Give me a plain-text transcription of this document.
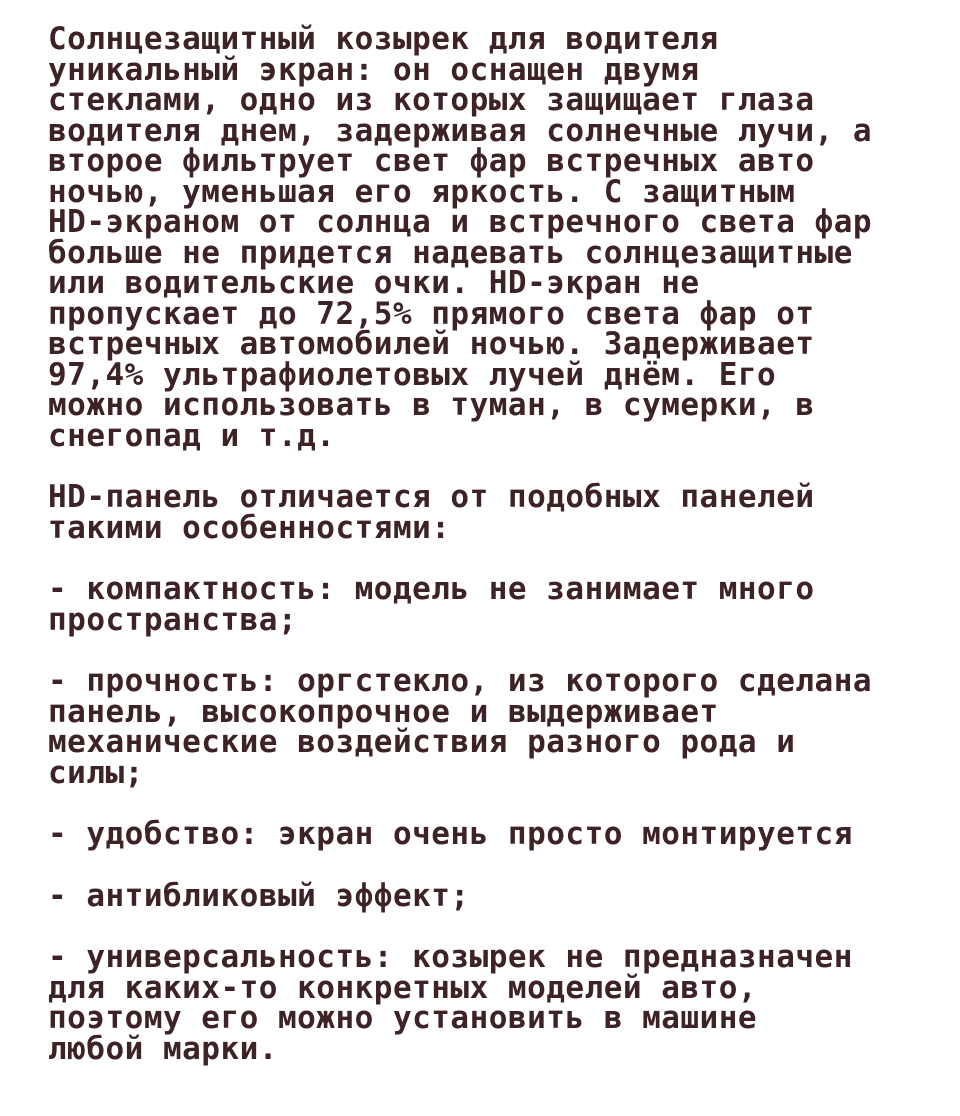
Солнцезащитный козырек для водителя
уникальный экран: он оснащен двумя
стеклами, одно из которых защищает глаза
водителя днем, задерживая солнечные лучи, а
второе фильтрует свет фар встречных авто
ночью, уменьшая его яркость. С защитным
HD-экраном от солнца и встречного света фар
больше не придется надевать солнцезащитные
или водительские очки. HD-экран не
пропускает до 72,5% прямого света фар от
встречных автомобилей ночью. Задерживает
97,4% ультрафиолетовых лучей днём. Его
можно использовать в туман, в сумерки, в
снегопад и т.д.
HD-панель отличается от подобных панелей
такими особенностями:
- компактность: модель не занимает много
пространства;
- прочность: оргстекло, из которого сделана
панель, высокопрочное и выдерживает
механические воздействия разного рода и
силы;
- удобство: экран очень просто монтируется
- антибликовый эффект;
- универсальность: козырек не предназначен
для каких-то конкретных моделей авто,
поэтому его можно установить в машине
любой марки.
